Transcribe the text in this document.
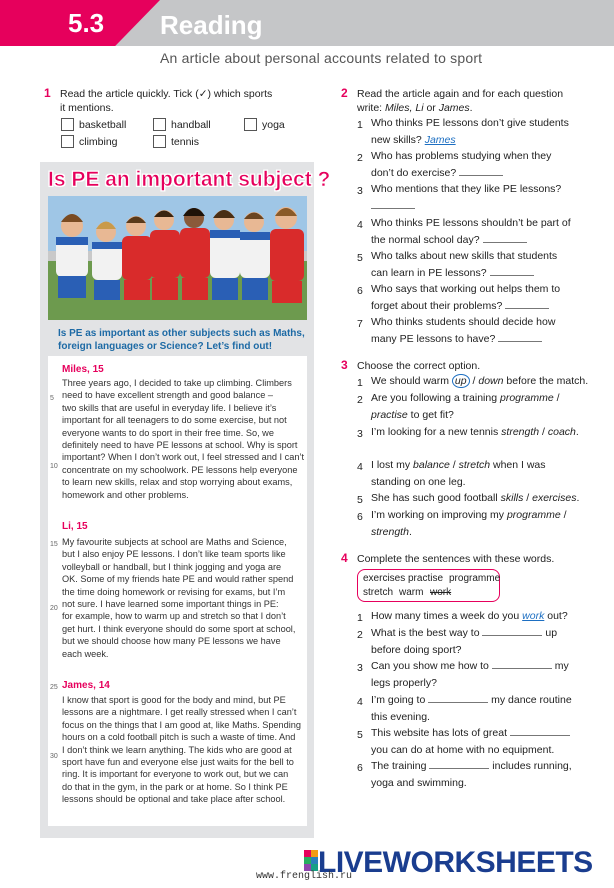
5.3 Reading
An article about personal accounts related to sport
1 Read the article quickly. Tick (✓) which sports
it mentions.
basketball	handball	yoga
climbing	tennis
Is PE an important subject ?
Is PE as important as other subjects such as Maths,
foreign languages or Science? Let’s find out!
Miles, 15
Three years ago, I decided to take up climbing. Climbers
need to have excellent strength and good balance –
two skills that are useful in everyday life. I believe it’s
important for all teenagers to do some exercise, but not
everyone wants to do sport in their free time. So, we
definitely need to have PE lessons at school. Why is sport
important? When I don’t work out, I feel stressed and I can’t
concentrate on my schoolwork. PE lessons help everyone
to learn new skills, relax and stop worrying about exams,
homework and other problems.
Li, 15
My favourite subjects at school are Maths and Science,
but I also enjoy PE lessons. I don’t like team sports like
volleyball or handball, but I think jogging and yoga are
OK. Some of my friends hate PE and would rather spend
the time doing homework or revising for exams, but I’m
not sure. I have learned some important things in PE:
for example, how to warm up and stretch so that I don’t
get hurt. I think everyone should do some sport at school,
but we should choose how many PE lessons we have
each week.
James, 14
I know that sport is good for the body and mind, but PE
lessons are a nightmare. I get really stressed when I can’t
focus on the things that I am good at, like Maths. Spending
hours on a cold football pitch is such a waste of time. And
I don’t think we learn anything. The kids who are good at
sport have fun and everyone else just waits for the bell to
ring. It is important for everyone to work out, but we can
do that in the gym, in the park or at home. So I think PE
lessons should be optional and take place after school.
5
10
15
20
25
30
2 Read the article again and for each question
write: Miles, Li or James.
1 Who thinks PE lessons don’t give students
new skills? James
2 Who has problems studying when they
don’t do exercise?
3 Who mentions that they like PE lessons?
4 Who thinks PE lessons shouldn’t be part of
the normal school day?
5 Who talks about new skills that students
can learn in PE lessons?
6 Who says that working out helps them to
forget about their problems?
7 Who thinks students should decide how
many PE lessons to have?
3 Choose the correct option.
1 We should warm up / down before the match.
2 Are you following a training programme / practise to get fit?
3 I’m looking for a new tennis strength / coach.
4 I lost my balance / stretch when I was standing on one leg.
5 She has such good football skills / exercises.
6 I’m working on improving my programme / strength.
4 Complete the sentences with these words.
exercises practise programme
stretch warm work
1 How many times a week do you work out?
2 What is the best way to	up
before doing sport?
3 Can you show me how to	my
legs properly?
4 I’m going to	my dance routine
this evening.
5 This website has lots of great
you can do at home with no equipment.
6 The training	includes running,
yoga and swimming.
LIVEWORKSHEETS
www.frenglish.ru
